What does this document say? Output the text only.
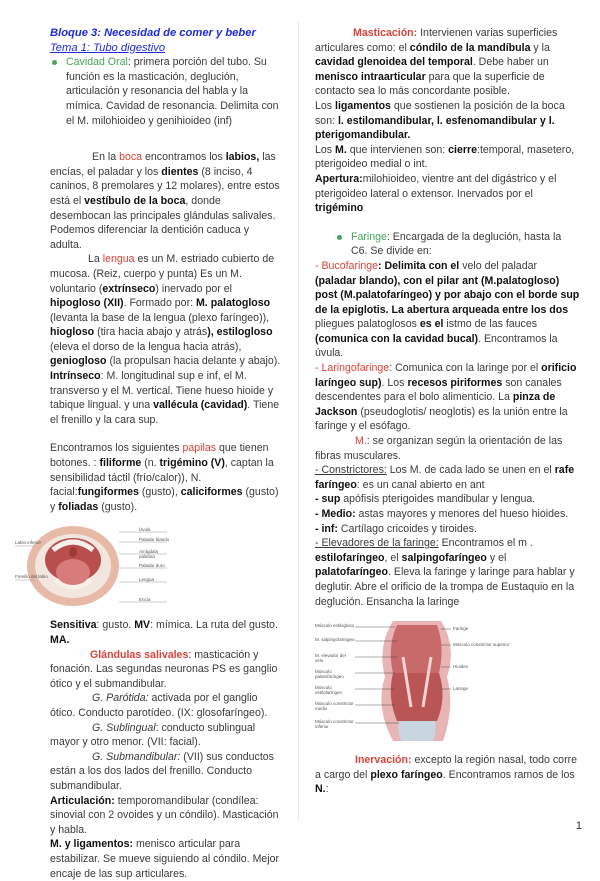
Bloque 3: Necesidad de comer y beber

Tema 1: Tubo digestivo

Cavidad Oral: primera porción del tubo. Su función es la masticación, deglución, articulación y resonancia del habla y la mímica. Cavidad de resonancia. Delimita con el M. milohioideo y genihioideo (inf)

En la boca encontramos los labios, las encías, el paladar y los dientes (8 inciso, 4 caninos, 8 premolares y 12 molares), entre estos está el vestíbulo de la boca, donde desembocan las principales glándulas salivales. Podemos diferenciar la dentición caduca y adulta.

La lengua es un M. estriado cubierto de mucosa. (Reiz, cuerpo y punta) Es un M. voluntario (extrínseco) inervado por el hipogloso (XII). Formado por: M. palatogloso (levanta la base de la lengua (plexo faríngeo)), hiogloso (tira hacia abajo y atrás), estilogloso (eleva el dorso de la lengua hacia atrás), geniogloso (la propulsan hacia delante y abajo). Intrínseco: M. longitudinal sup e inf, el M. transverso y el M. vertical. Tiene hueso hioide y tabique lingual. y una vallécula (cavidad). Tiene el frenillo y la cara sup.

Encontramos los siguientes papilas que tienen botones. : filiforme (n. trigémino (V), captan la sensibilidad táctil (frío/calor)), N. facial:fungiformes (gusto), caliciformes (gusto) y foliadas (gusto).

Úvula
Paladar blando
Amígdala palatina
Paladar duro
Lengua
Encía
Labio inferior
Frenillo del labio

Sensitiva: gusto. MV: mímica. La ruta del gusto. MA.

Glándulas salivales: masticación y fonación. Las segundas neuronas PS es ganglio ótico y el submandibular.

G. Parótida: activada por el ganglio ótico. Conducto parotídeo. (IX: glosofaríngeo).

G. Sublingual: conducto sublingual mayor y otro menor. (VII: facial).

G. Submandibular: (VII) sus conductos están a los dos lados del frenillo. Conducto submandibular.

Articulación: temporomandibular (condílea: sinovial con 2 ovoides y un cóndilo). Masticación y habla.

M. y ligamentos: menisco articular para estabilizar. Se mueve siguiendo al cóndilo. Mejor encaje de las sup articulares.

Masticación: Intervienen varias superficies articulares como: el cóndilo de la mandíbula y la cavidad glenoidea del temporal. Debe haber un menisco intraarticular para que la superficie de contacto sea lo más concordante posible.

Los ligamentos que sostienen la posición de la boca son: l. estilomandibular, l. esfenomandibular y l. pterigomandibular.

Los M. que intervienen son: cierre:temporal, masetero, pterigoideo medial o int.

Apertura:milohioideo, vientre ant del digástrico y el pterigoideo lateral o extensor. Inervados por el trigémino

Faringe: Encargada de la deglución, hasta la C6. Se divide en:

- Bucofaringe: Delimita con el velo del paladar (paladar blando), con el pilar ant (M.palatogloso) post (M.palatofaríngeo) y por abajo con el borde sup de la epiglotis. La abertura arqueada entre los dos pliegues palatoglosos es el istmo de las fauces (comunica con la cavidad bucal). Encontramos la úvula.

- Laringofaringe: Comunica con la laringe por el orificio laríngeo sup). Los recesos piriformes son canales descendentes para el bolo alimenticio. La pinza de Jackson (pseudoglotis/ neoglotis) es la unión entre la faringe y el esófago.

M.: se organizan según la orientación de las fibras musculares.

- Constrictores: Los M. de cada lado se unen en el rafe faríngeo: es un canal abierto en ant

- sup apófisis pterigoides mandibular y lengua.

- Medio: astas mayores y menores del hueso hioides.

- inf: Cartílago cricoides y tiroides.

- Elevadores de la faringe: Encontramos el m . estilofaríngeo, el salpingofaríngeo y el palatofaríngeo. Eleva la faringe y laringe para hablar y deglutir. Abre el orificio de la trompa de Eustaquio en la deglución. Ensancha la laringe

Músculo estilogloso
M. salpingofaríngeo
M. elevador del velo
Músculo palatofaríngeo
Músculo estilofaríngeo
Músculo constrictor medio
Músculo constrictor inferior
Faringe
Músculo constrictor superior
Hioides
Laringe

Inervación: excepto la región nasal, todo corre a cargo del plexo faríngeo. Encontramos ramos de los N.:

1
